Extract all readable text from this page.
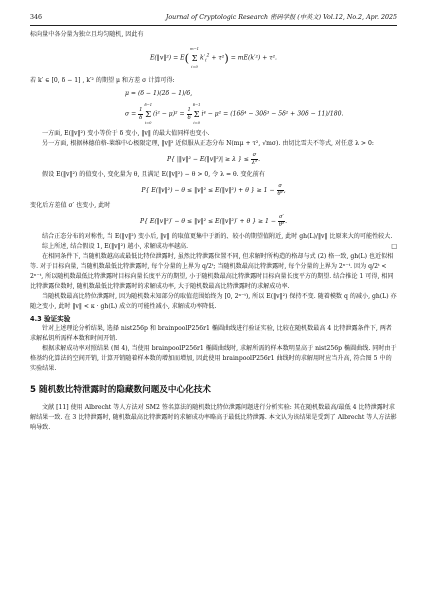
346	Journal of Cryptologic Research 密码学报 (中英文) Vol.12, No.2, Apr. 2025

标向量中各分量为独立且均匀随机, 因此有

E(‖v‖²) = E(m−1
Σ
$i=0k'_i^2 + \tau^2) = mE(k'^2) + \tau^2$.

若 k′ ∈ [0, δ − 1] , k′² 的期望 μ 和方差 σ 计算可得:

μ = (δ − 1)(2δ − 1)/6,
$\sigma = \frac{1}{\delta}$
δ−1
Σ
$i=0(i^2 - \mu)^2 = \frac{1}{\delta}$
δ−1
Σ
i=0i⁴ − μ² = (16δ⁴ − 30δ³ − 5δ² + 30δ − 11)/180.

一方面, E(‖v‖²) 变小等价于 δ 变小, ‖v‖ 的最大值同样也变小.

另一方面, 根据林德伯格-莱维中心极限定理, ‖v‖² 近似服从正态分布 N(mμ + τ², √mσ). 由切比雪夫不等式, 对任意 λ > 0:

P{ |‖v‖² − E(‖v‖²)| ≥ λ } ≤ $\frac{\sigma}{\text{λ²}}$ .

假设 E(‖v‖²) 的值变小, 变化量为 θ, 且满足 E(‖v‖²) − θ > 0, 令 λ = θ. 变化前有

P{ E(‖v‖²) − θ ≤ ‖v‖² ≤ E(‖v‖²) + θ } ≥ $1 - \frac{\sigma}{\text{θ²}}$ ,

变化后方差值 σ′ 也变小, 此时

P{ E(‖v‖²)′ − θ ≤ ‖v‖² ≤ E(‖v‖²)′ + θ } ≥ $1 - \frac{\sigma'}{\text{θ²}}$ .

结合正态分布的对称性, 当 E(‖v‖²) 变小后, ‖v‖ 的取值更集中于新的、较小的期望值附近, 此时 gh(L)/‖v‖ 比原来大的可能性较大.

综上所述, 结合假设 1, E(‖v‖²) 越小, 求解成功率越高.	□

在相同条件下, 当随机数越高或最低比特位泄露时, 虽然比特泄露位置不同, 但求解时所构造的格却与式 (2) 格一致, gh(L) 也近似相等. 对于目标向量, 当随机数最低比特泄露时, 每个分量的上界为 q/2ᵗ; 当随机数最高比特泄露时, 每个分量的上界为 2ⁿ⁻ᵗ. 因为 q/2ᵗ < 2ⁿ⁻ᵗ, 所以随机数最低比特泄露时目标向量长度平方的期望, 小于随机数最高比特泄露时目标向量长度平方的期望. 结合推论 1 可得, 相同比特泄露位数时, 随机数最低比特泄露时的求解成功率, 大于随机数最高比特泄露时的求解成功率.

当随机数最高比特位泄露时, 因为随机数未知部分的取值范围始终为 [0, 2ⁿ⁻ᵗ), 所以 E(‖v‖²) 保持不变. 随着模数 q 的减小, gh(L) 亦随之变小, 此时 ‖v‖ < κ · gh(L) 成立的可能性减小, 求解成功率降低.

4.3 验证实验

针对上述理论分析结果, 选择 nist256p 和 brainpoolP256r1 椭圆曲线进行验证实验, 比较在随机数最高 4 比特泄露条件下, 两者求解私钥所需样本数和时间开销.

根据求解成功率对照结果 (图 4), 当使用 brainpoolP256r1 椭圆曲线时, 求解所需的样本数明显高于 nist256p 椭圆曲线. 同时由于格基约化算法的空间开销, 计算开销随着样本数的增加而增加, 因此使用 brainpoolP256r1 曲线时的求解用时应当升高, 符合图 5 中的实验结果.

5 随机数比特泄露时的隐藏数问题及中心化技术

文献 [11] 使用 Albrecht 等人方法对 SM2 签名算法的随机数比特位泄露问题进行分析实验: 其在随机数最高/最低 4 比特泄露时求解结果一致. 在 3 比特泄露时, 随机数最高比特泄露时的求解成功率略高于最低比特泄露. 本文认为该结果是受到了 Albrecht 等人方法影响导致.
